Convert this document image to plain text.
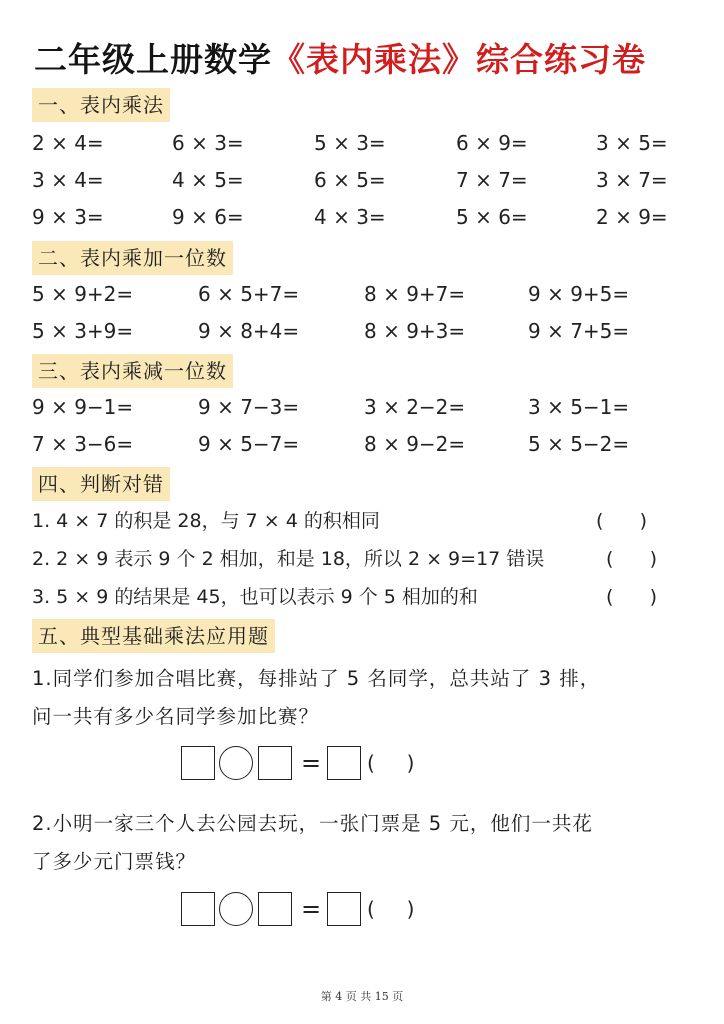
二年级上册数学《表内乘法》综合练习卷
一、表内乘法
2 × 4=	6 × 3=	5 × 3=	6 × 9=	3 × 5=
3 × 4=	4 × 5=	6 × 5=	7 × 7=	3 × 7=
9 × 3=	9 × 6=	4 × 3=	5 × 6=	2 × 9=
二、表内乘加一位数
5 × 9+2=	6 × 5+7=	8 × 9+7=	9 × 9+5=
5 × 3+9=	9 × 8+4=	8 × 9+3=	9 × 7+5=
三、表内乘减一位数
9 × 9−1=	9 × 7−3=	3 × 2−2=	3 × 5−1=
7 × 3−6=	9 × 5−7=	8 × 9−2=	5 × 5−2=
四、判断对错
1. 4 × 7 的积是 28，与 7 × 4 的积相同	(      )
2. 2 × 9 表示 9 个 2 相加，和是 18，所以 2 × 9=17 错误	(      )
3. 5 × 9 的结果是 45，也可以表示 9 个 5 相加的和	(      )
五、典型基础乘法应用题
1.同学们参加合唱比赛，每排站了 5 名同学，总共站了 3 排，
问一共有多少名同学参加比赛？
= (     )
2.小明一家三个人去公园去玩，一张门票是 5 元，他们一共花
了多少元门票钱？
= (     )
第 4 页 共 15 页
